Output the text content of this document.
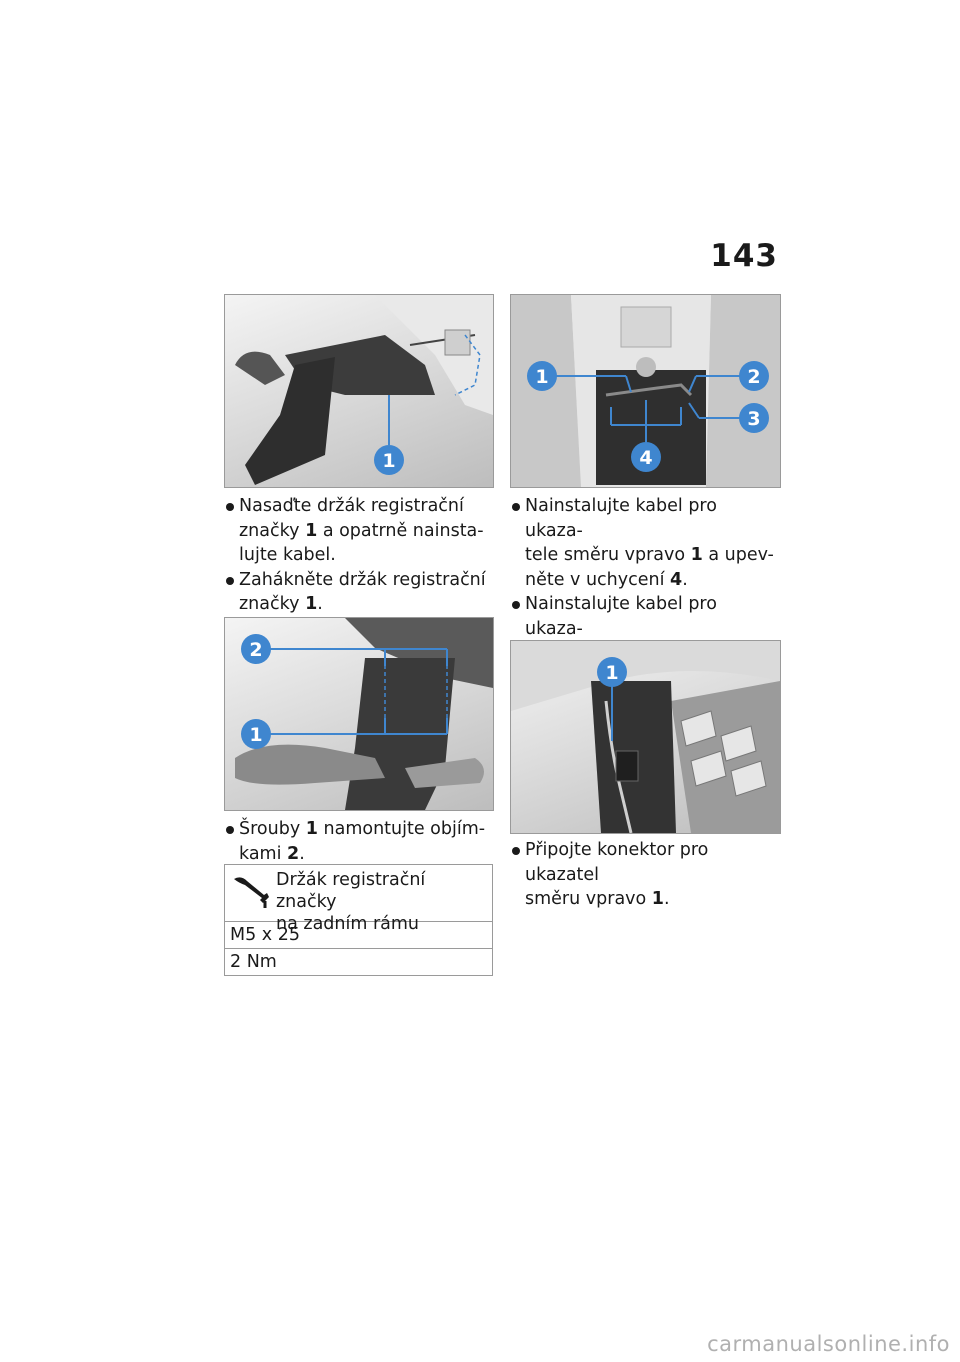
143
1
Nasaďte držák registrační
značky 1 a opatrně nainsta-
lujte kabel.
Zahákněte držák registrační
značky 1.
2
1
Šrouby 1 namontujte objím-
kami 2.
Držák registrační značky
na zadním rámu
M5 x 25
2 Nm
1	2
3
4
Nainstalujte kabel pro ukaza-
tele směru vpravo 1 a upev-
něte v uchycení 4.
Nainstalujte kabel pro ukaza-

1
Připojte konektor pro ukazatel
směru vpravo 1.
carmanualsonline.info
